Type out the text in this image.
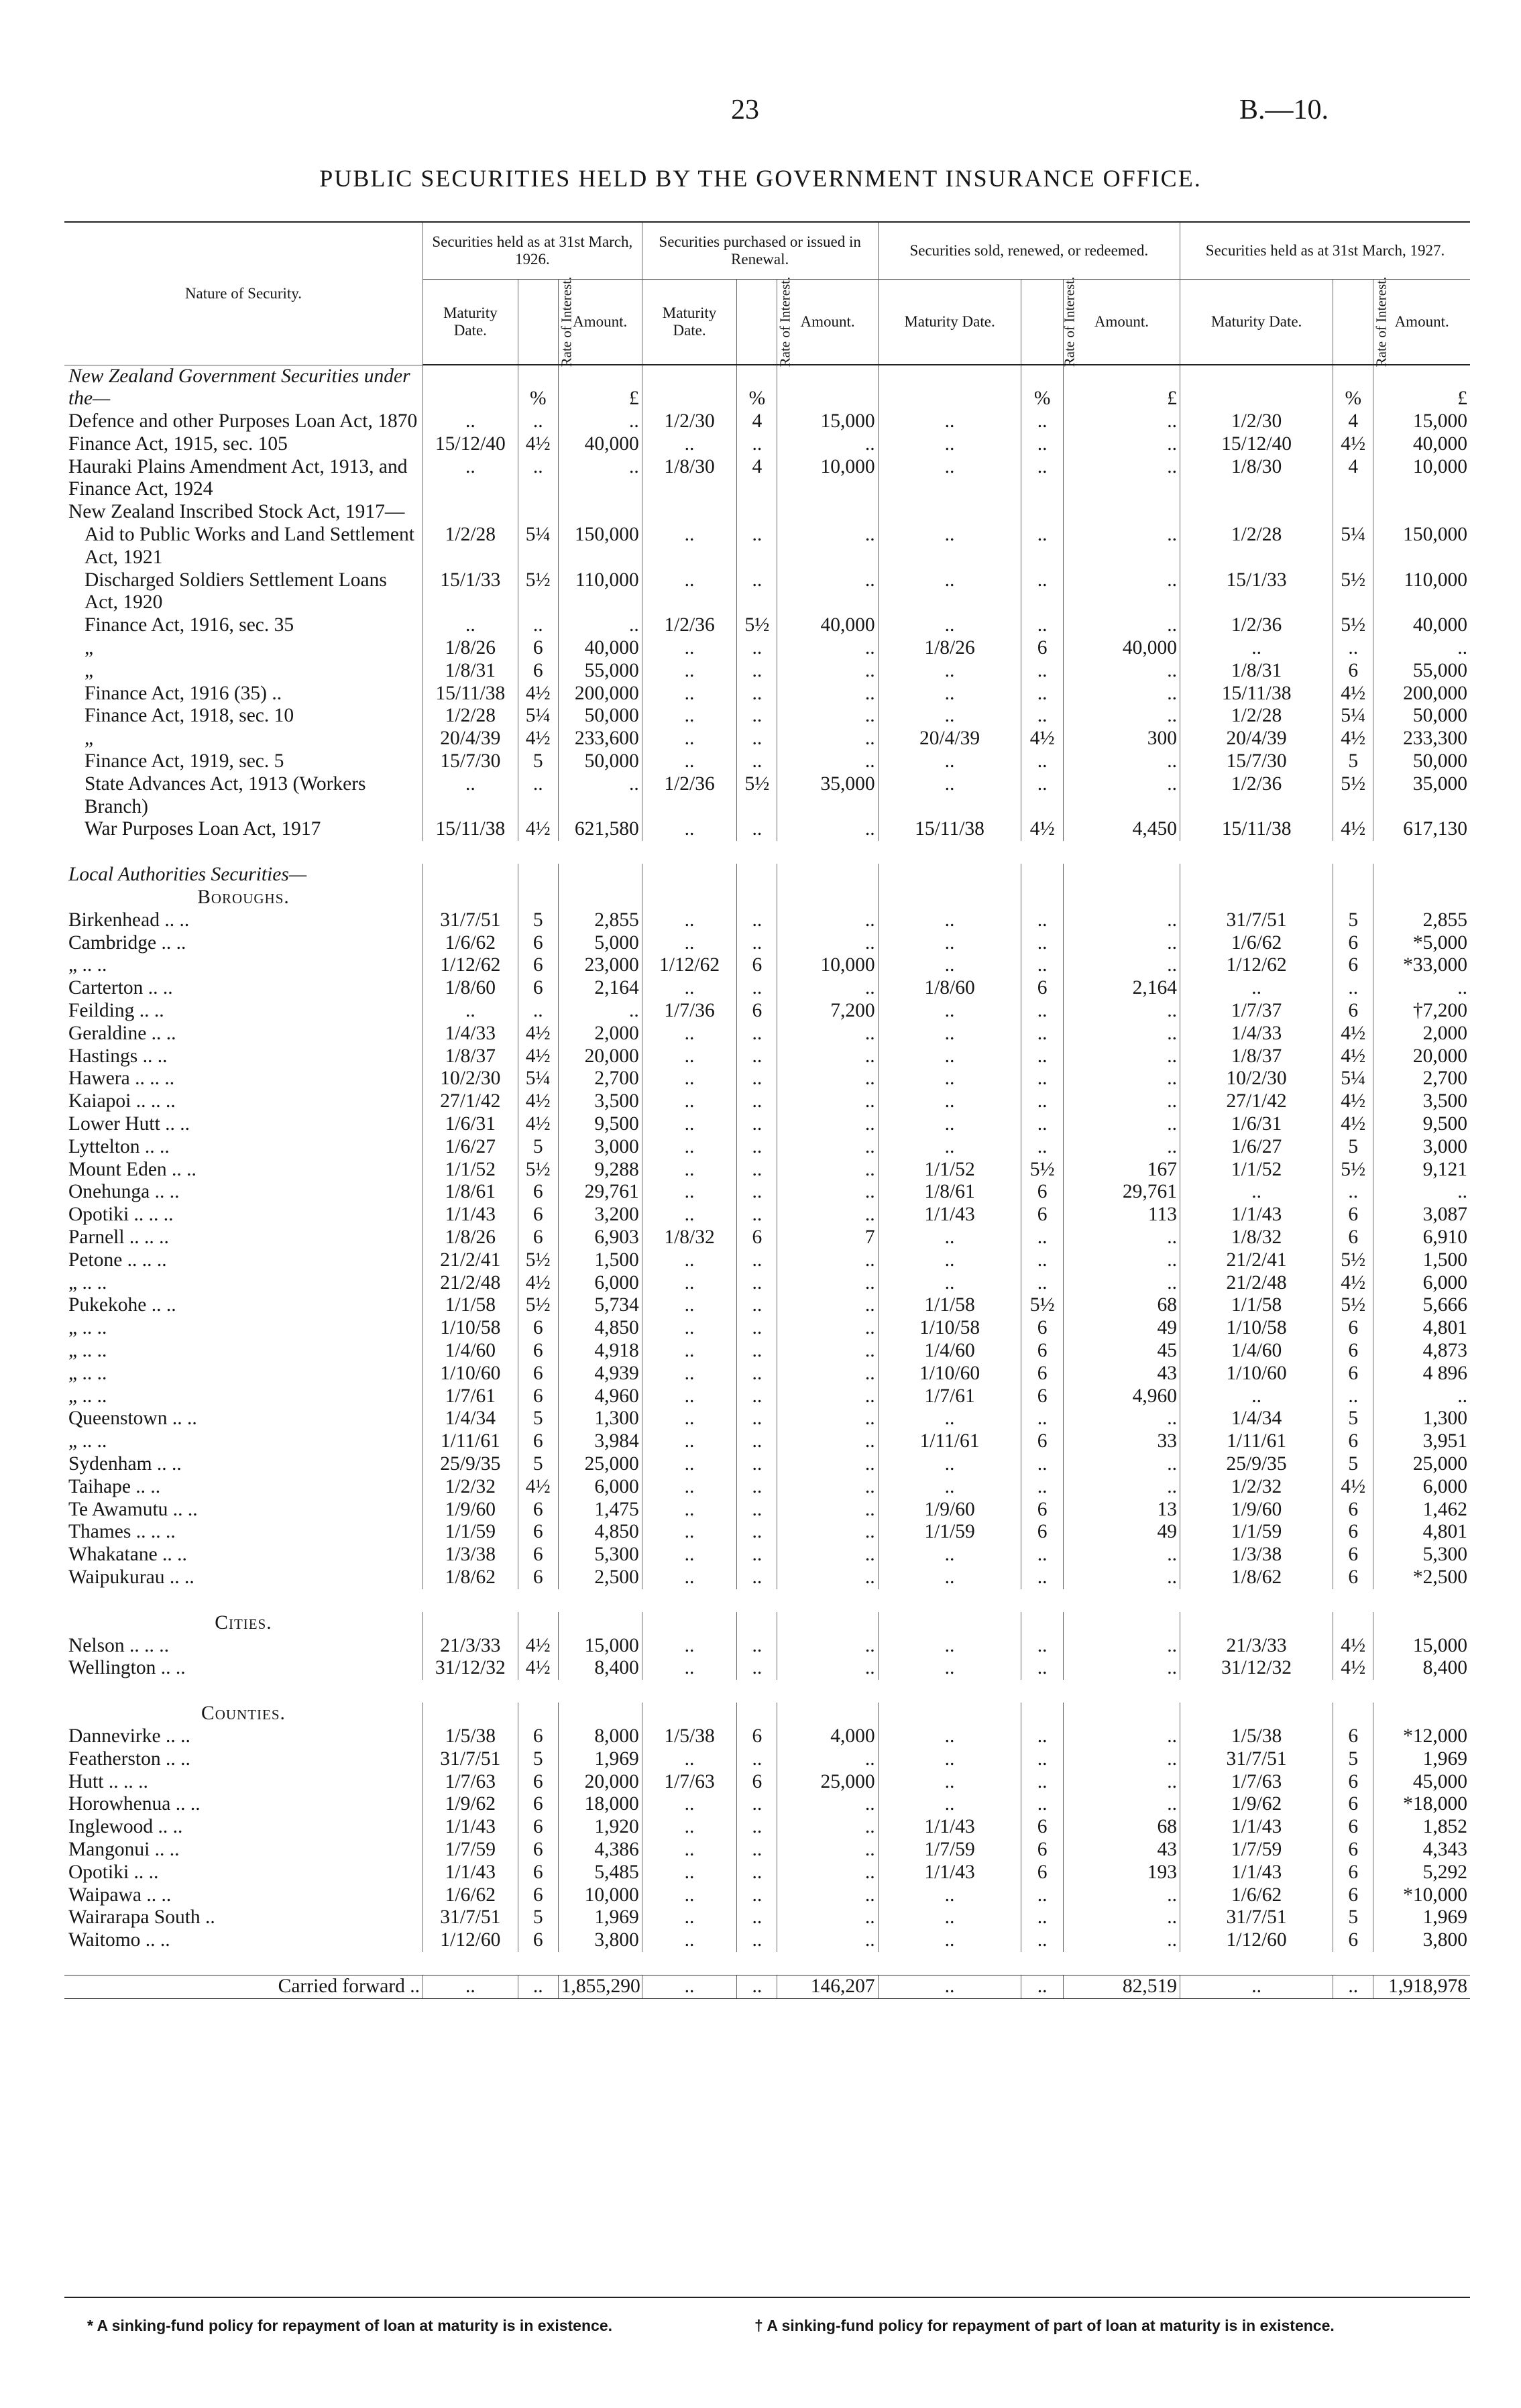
23	B.—10.
PUBLIC SECURITIES HELD BY THE GOVERNMENT INSURANCE OFFICE.
Nature of Security.	Securities held as at 31st March, 1926.			Securities purchased or issued in Renewal.			Securities sold, renewed, or redeemed.			Securities held as at 31st March, 1927.		
	Maturity Date.	Rate of Interest.	Amount.	Maturity Date.	Rate of Interest.	Amount.	Maturity Date.	Rate of Interest.	Amount.	Maturity Date.	Rate of Interest.	Amount.
New Zealand Government Securities under the—		%	£		%			%	£		%	£
Defence and other Purposes Loan Act, 1870	..	..	..	1/2/30	4	15,000	..	..	..	1/2/30	4	15,000
Finance Act, 1915, sec. 105	15/12/40	4½	40,000	..	..	..	..	..	..	15/12/40	4½	40,000
Hauraki Plains Amendment Act, 1913, and Finance Act, 1924	..	..	..	1/8/30	4	10,000	..	..	..	1/8/30	4	10,000
New Zealand Inscribed Stock Act, 1917—												
Aid to Public Works and Land Settlement Act, 1921	1/2/28	5¼	150,000	..	..	..	..	..	..	1/2/28	5¼	150,000
Discharged Soldiers Settlement Loans Act, 1920	15/1/33	5½	110,000	..	..	..	..	..	..	15/1/33	5½	110,000
Finance Act, 1916, sec. 35	..	..	..	1/2/36	5½	40,000	..	..	..	1/2/36	5½	40,000
„	1/8/26	6	40,000	..	..	..	1/8/26	6	40,000	..	..	..
„	1/8/31	6	55,000	..	..	..	..	..	..	1/8/31	6	55,000
Finance Act, 1916 (35) ..	15/11/38	4½	200,000	..	..	..	..	..	..	15/11/38	4½	200,000
Finance Act, 1918, sec. 10	1/2/28	5¼	50,000	..	..	..	..	..	..	1/2/28	5¼	50,000
„	20/4/39	4½	233,600	..	..	..	20/4/39	4½	300	20/4/39	4½	233,300
Finance Act, 1919, sec. 5	15/7/30	5	50,000	..	..	..	..	..	..	15/7/30	5	50,000
State Advances Act, 1913 (Workers Branch)	..	..	..	1/2/36	5½	35,000	..	..	..	1/2/36	5½	35,000
War Purposes Loan Act, 1917	15/11/38	4½	621,580	..	..	..	15/11/38	4½	4,450	15/11/38	4½	617,130

Local Authorities Securities—												
Boroughs.												
Birkenhead .. ..	31/7/51	5	2,855	..	..	..	..	..	..	31/7/51	5	2,855
Cambridge .. ..	1/6/62	6	5,000	..	..	..	..	..	..	1/6/62	6	*5,000
„ .. ..	1/12/62	6	23,000	1/12/62	6	10,000	..	..	..	1/12/62	6	*33,000
Carterton .. ..	1/8/60	6	2,164	..	..	..	1/8/60	6	2,164	..	..	..
Feilding .. ..	..	..	..	1/7/36	6	7,200	..	..	..	1/7/37	6	†7,200
Geraldine .. ..	1/4/33	4½	2,000	..	..	..	..	..	..	1/4/33	4½	2,000
Hastings .. ..	1/8/37	4½	20,000	..	..	..	..	..	..	1/8/37	4½	20,000
Hawera .. .. ..	10/2/30	5¼	2,700	..	..	..	..	..	..	10/2/30	5¼	2,700
Kaiapoi .. .. ..	27/1/42	4½	3,500	..	..	..	..	..	..	27/1/42	4½	3,500
Lower Hutt .. ..	1/6/31	4½	9,500	..	..	..	..	..	..	1/6/31	4½	9,500
Lyttelton .. ..	1/6/27	5	3,000	..	..	..	..	..	..	1/6/27	5	3,000
Mount Eden .. ..	1/1/52	5½	9,288	..	..	..	1/1/52	5½	167	1/1/52	5½	9,121
Onehunga .. ..	1/8/61	6	29,761	..	..	..	1/8/61	6	29,761	..	..	..
Opotiki .. .. ..	1/1/43	6	3,200	..	..	..	1/1/43	6	113	1/1/43	6	3,087
Parnell .. .. ..	1/8/26	6	6,903	1/8/32	6	7	..	..	..	1/8/32	6	6,910
Petone .. .. ..	21/2/41	5½	1,500	..	..	..	..	..	..	21/2/41	5½	1,500
„ .. ..	21/2/48	4½	6,000	..	..	..	..	..	..	21/2/48	4½	6,000
Pukekohe .. ..	1/1/58	5½	5,734	..	..	..	1/1/58	5½	68	1/1/58	5½	5,666
„ .. ..	1/10/58	6	4,850	..	..	..	1/10/58	6	49	1/10/58	6	4,801
„ .. ..	1/4/60	6	4,918	..	..	..	1/4/60	6	45	1/4/60	6	4,873
„ .. ..	1/10/60	6	4,939	..	..	..	1/10/60	6	43	1/10/60	6	4 896
„ .. ..	1/7/61	6	4,960	..	..	..	1/7/61	6	4,960	..	..	..
Queenstown .. ..	1/4/34	5	1,300	..	..	..	..	..	..	1/4/34	5	1,300
„ .. ..	1/11/61	6	3,984	..	..	..	1/11/61	6	33	1/11/61	6	3,951
Sydenham .. ..	25/9/35	5	25,000	..	..	..	..	..	..	25/9/35	5	25,000
Taihape .. ..	1/2/32	4½	6,000	..	..	..	..	..	..	1/2/32	4½	6,000
Te Awamutu .. ..	1/9/60	6	1,475	..	..	..	1/9/60	6	13	1/9/60	6	1,462
Thames .. .. ..	1/1/59	6	4,850	..	..	..	1/1/59	6	49	1/1/59	6	4,801
Whakatane .. ..	1/3/38	6	5,300	..	..	..	..	..	..	1/3/38	6	5,300
Waipukurau .. ..	1/8/62	6	2,500	..	..	..	..	..	..	1/8/62	6	*2,500

Cities.												
Nelson .. .. ..	21/3/33	4½	15,000	..	..	..	..	..	..	21/3/33	4½	15,000
Wellington .. ..	31/12/32	4½	8,400	..	..	..	..	..	..	31/12/32	4½	8,400

Counties.												
Dannevirke .. ..	1/5/38	6	8,000	1/5/38	6	4,000	..	..	..	1/5/38	6	*12,000
Featherston .. ..	31/7/51	5	1,969	..	..	..	..	..	..	31/7/51	5	1,969
Hutt .. .. ..	1/7/63	6	20,000	1/7/63	6	25,000	..	..	..	1/7/63	6	45,000
Horowhenua .. ..	1/9/62	6	18,000	..	..	..	..	..	..	1/9/62	6	*18,000
Inglewood .. ..	1/1/43	6	1,920	..	..	..	1/1/43	6	68	1/1/43	6	1,852
Mangonui .. ..	1/7/59	6	4,386	..	..	..	1/7/59	6	43	1/7/59	6	4,343
Opotiki .. ..	1/1/43	6	5,485	..	..	..	1/1/43	6	193	1/1/43	6	5,292
Waipawa .. ..	1/6/62	6	10,000	..	..	..	..	..	..	1/6/62	6	*10,000
Wairarapa South ..	31/7/51	5	1,969	..	..	..	..	..	..	31/7/51	5	1,969
Waitomo .. ..	1/12/60	6	3,800	..	..	..	..	..	..	1/12/60	6	3,800

Carried forward ..	..	..	1,855,290	..	..	146,207	..	..	82,519	..	..	1,918,978
* A sinking-fund policy for repayment of loan at maturity is in existence.	† A sinking-fund policy for repayment of part of loan at maturity is in existence.
